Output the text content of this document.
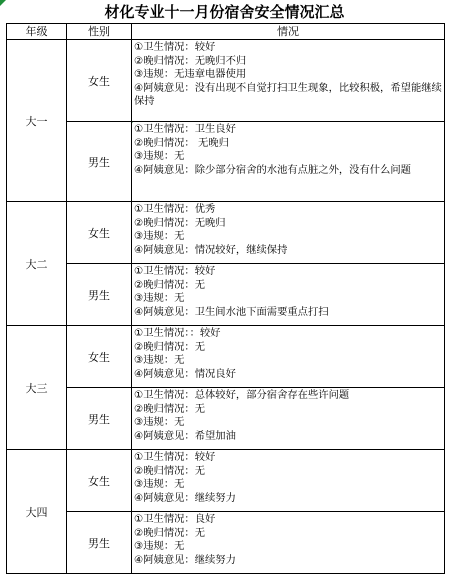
材化专业十一月份宿舍安全情况汇总
年级	性别	情况
大一	女生	①卫生情况：较好
②晚归情况：无晚归不归
③违规：无违章电器使用
④阿姨意见：没有出现不自觉打扫卫生现象，比较积极，希望能继续保持

	男生	①卫生情况：卫生良好
②晚归情况： 无晚归
③违规：无
④阿姨意见：除少部分宿舍的水池有点脏之外，没有什么问题

大二	女生	①卫生情况：优秀
②晚归情况：无晚归
③违规：无
④阿姨意见：情况较好，继续保持

	男生	①卫生情况：较好
②晚归情况：无
③违规：无
④阿姨意见：卫生间水池下面需要重点打扫

大三	女生	①卫生情况：：较好
②晚归情况：无
③违规：无
④阿姨意见：情况良好

	男生	①卫生情况：总体较好，部分宿舍存在些许问题
②晚归情况：无
③违规：无
④阿姨意见：希望加油

大四	女生	①卫生情况：较好
②晚归情况：无
③违规：无
④阿姨意见：继续努力

	男生	①卫生情况：良好
②晚归情况：无
③违规：无
④阿姨意见：继续努力
